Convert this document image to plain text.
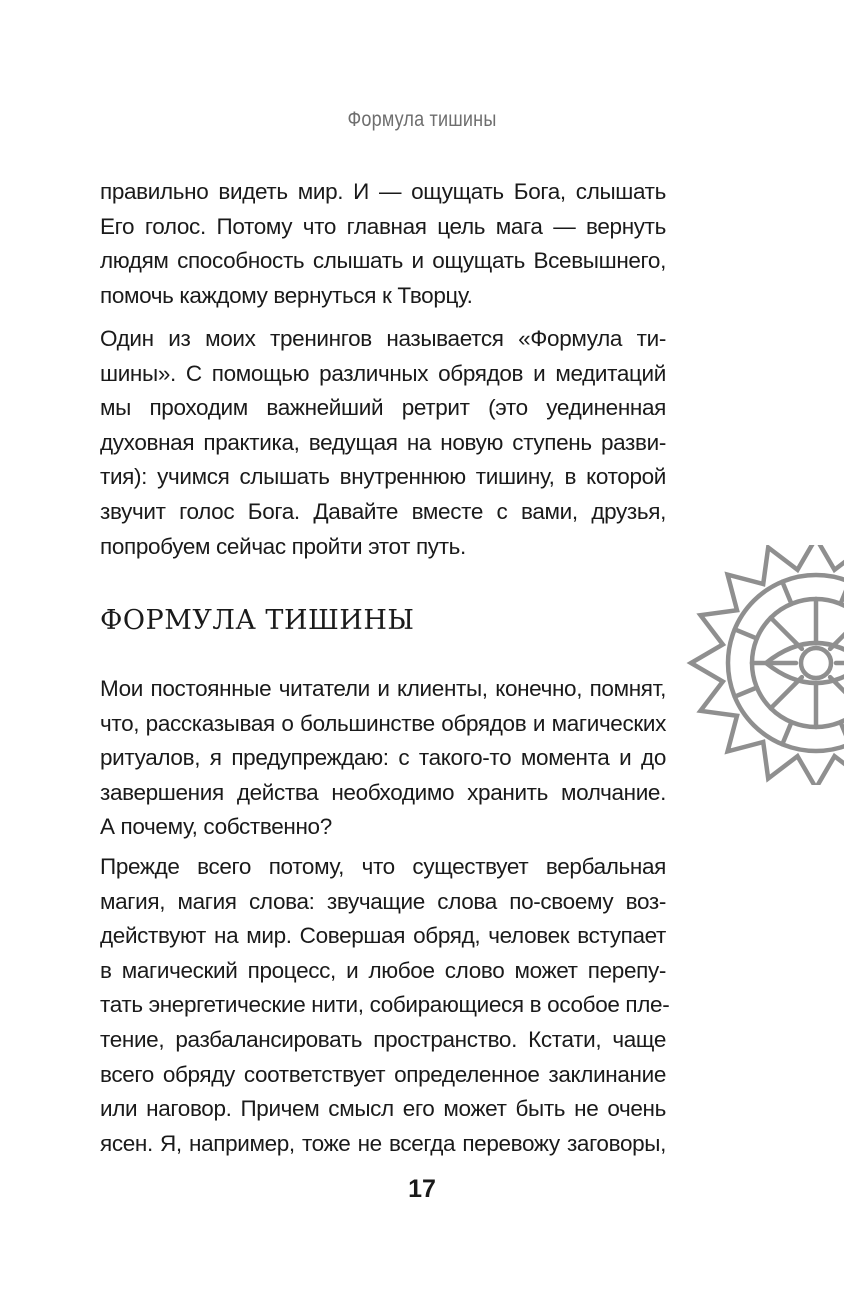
Формула тишины
правильно видеть мир. И — ощущать Бога, слышать
Его голос. Потому что главная цель мага — вернуть
людям способность слышать и ощущать Всевышнего,
помочь каждому вернуться к Творцу.
Один из моих тренингов называется «Формула ти-
шины». С помощью различных обрядов и медитаций
мы проходим важнейший ретрит (это уединенная
духовная практика, ведущая на новую ступень разви-
тия): учимся слышать внутреннюю тишину, в которой
звучит голос Бога. Давайте вместе с вами, друзья,
попробуем сейчас пройти этот путь.
ФОРМУЛА ТИШИНЫ
Мои постоянные читатели и клиенты, конечно, помнят,
что, рассказывая о большинстве обрядов и магических
ритуалов, я предупреждаю: с такого-то момента и до
завершения действа необходимо хранить молчание.
А почему, собственно?
Прежде всего потому, что существует вербальная
магия, магия слова: звучащие слова по-своему воз-
действуют на мир. Совершая обряд, человек вступает
в магический процесс, и любое слово может перепу-
тать энергетические нити, собирающиеся в особое пле-
тение, разбалансировать пространство. Кстати, чаще
всего обряду соответствует определенное заклинание
или наговор. Причем смысл его может быть не очень
ясен. Я, например, тоже не всегда перевожу заговоры,
17
